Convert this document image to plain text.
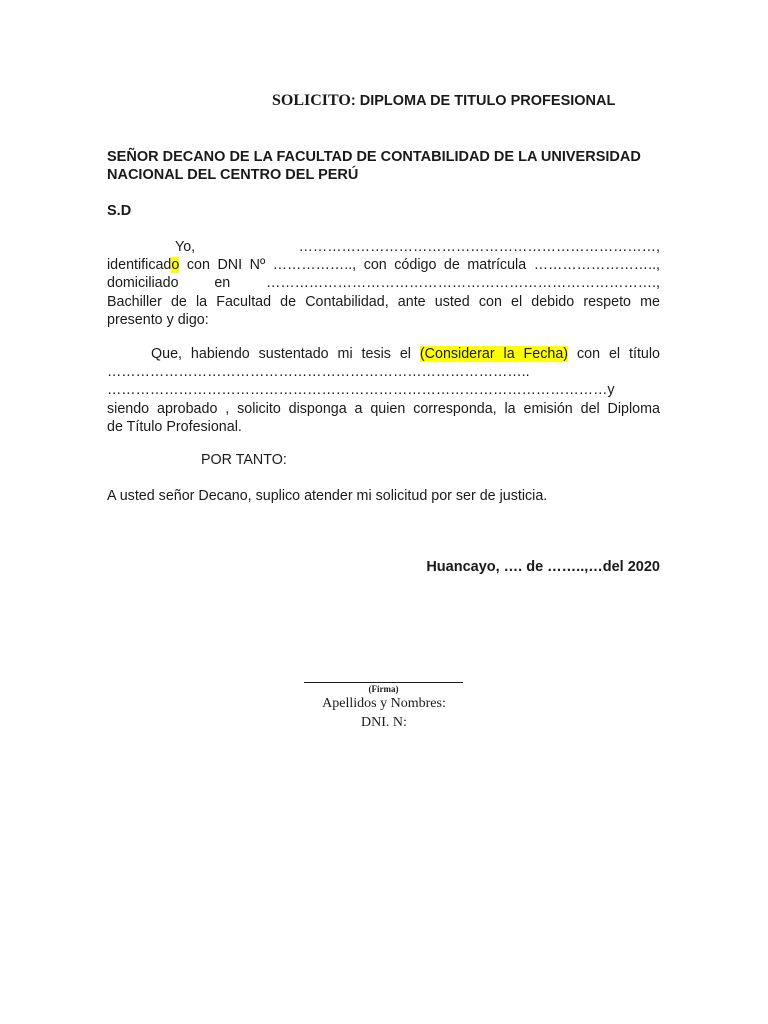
SOLICITO: DIPLOMA DE TITULO PROFESIONAL
SEÑOR DECANO DE LA FACULTAD DE CONTABILIDAD DE LA UNIVERSIDAD NACIONAL DEL CENTRO DEL PERÚ
S.D
Yo,	…………………………………………………………………,
identificado con DNI Nº …………….., con código de matrícula ……………………..,
domiciliado	en	……………………………………………………………………….,
Bachiller de la Facultad de Contabilidad, ante usted con el debido respeto me
presento y digo:
Que, habiendo sustentado mi tesis el (Considerar la Fecha) con el título
……………………………………………………………………………..
……………………………………………………………………………………………y
siendo aprobado , solicito disponga a quien corresponda, la emisión del Diploma
de Título Profesional.
POR TANTO:
A usted señor Decano, suplico atender mi solicitud por ser de justicia.
Huancayo, …. de ……..,…del 2020
(Firma)
Apellidos y Nombres:
DNI. N:
